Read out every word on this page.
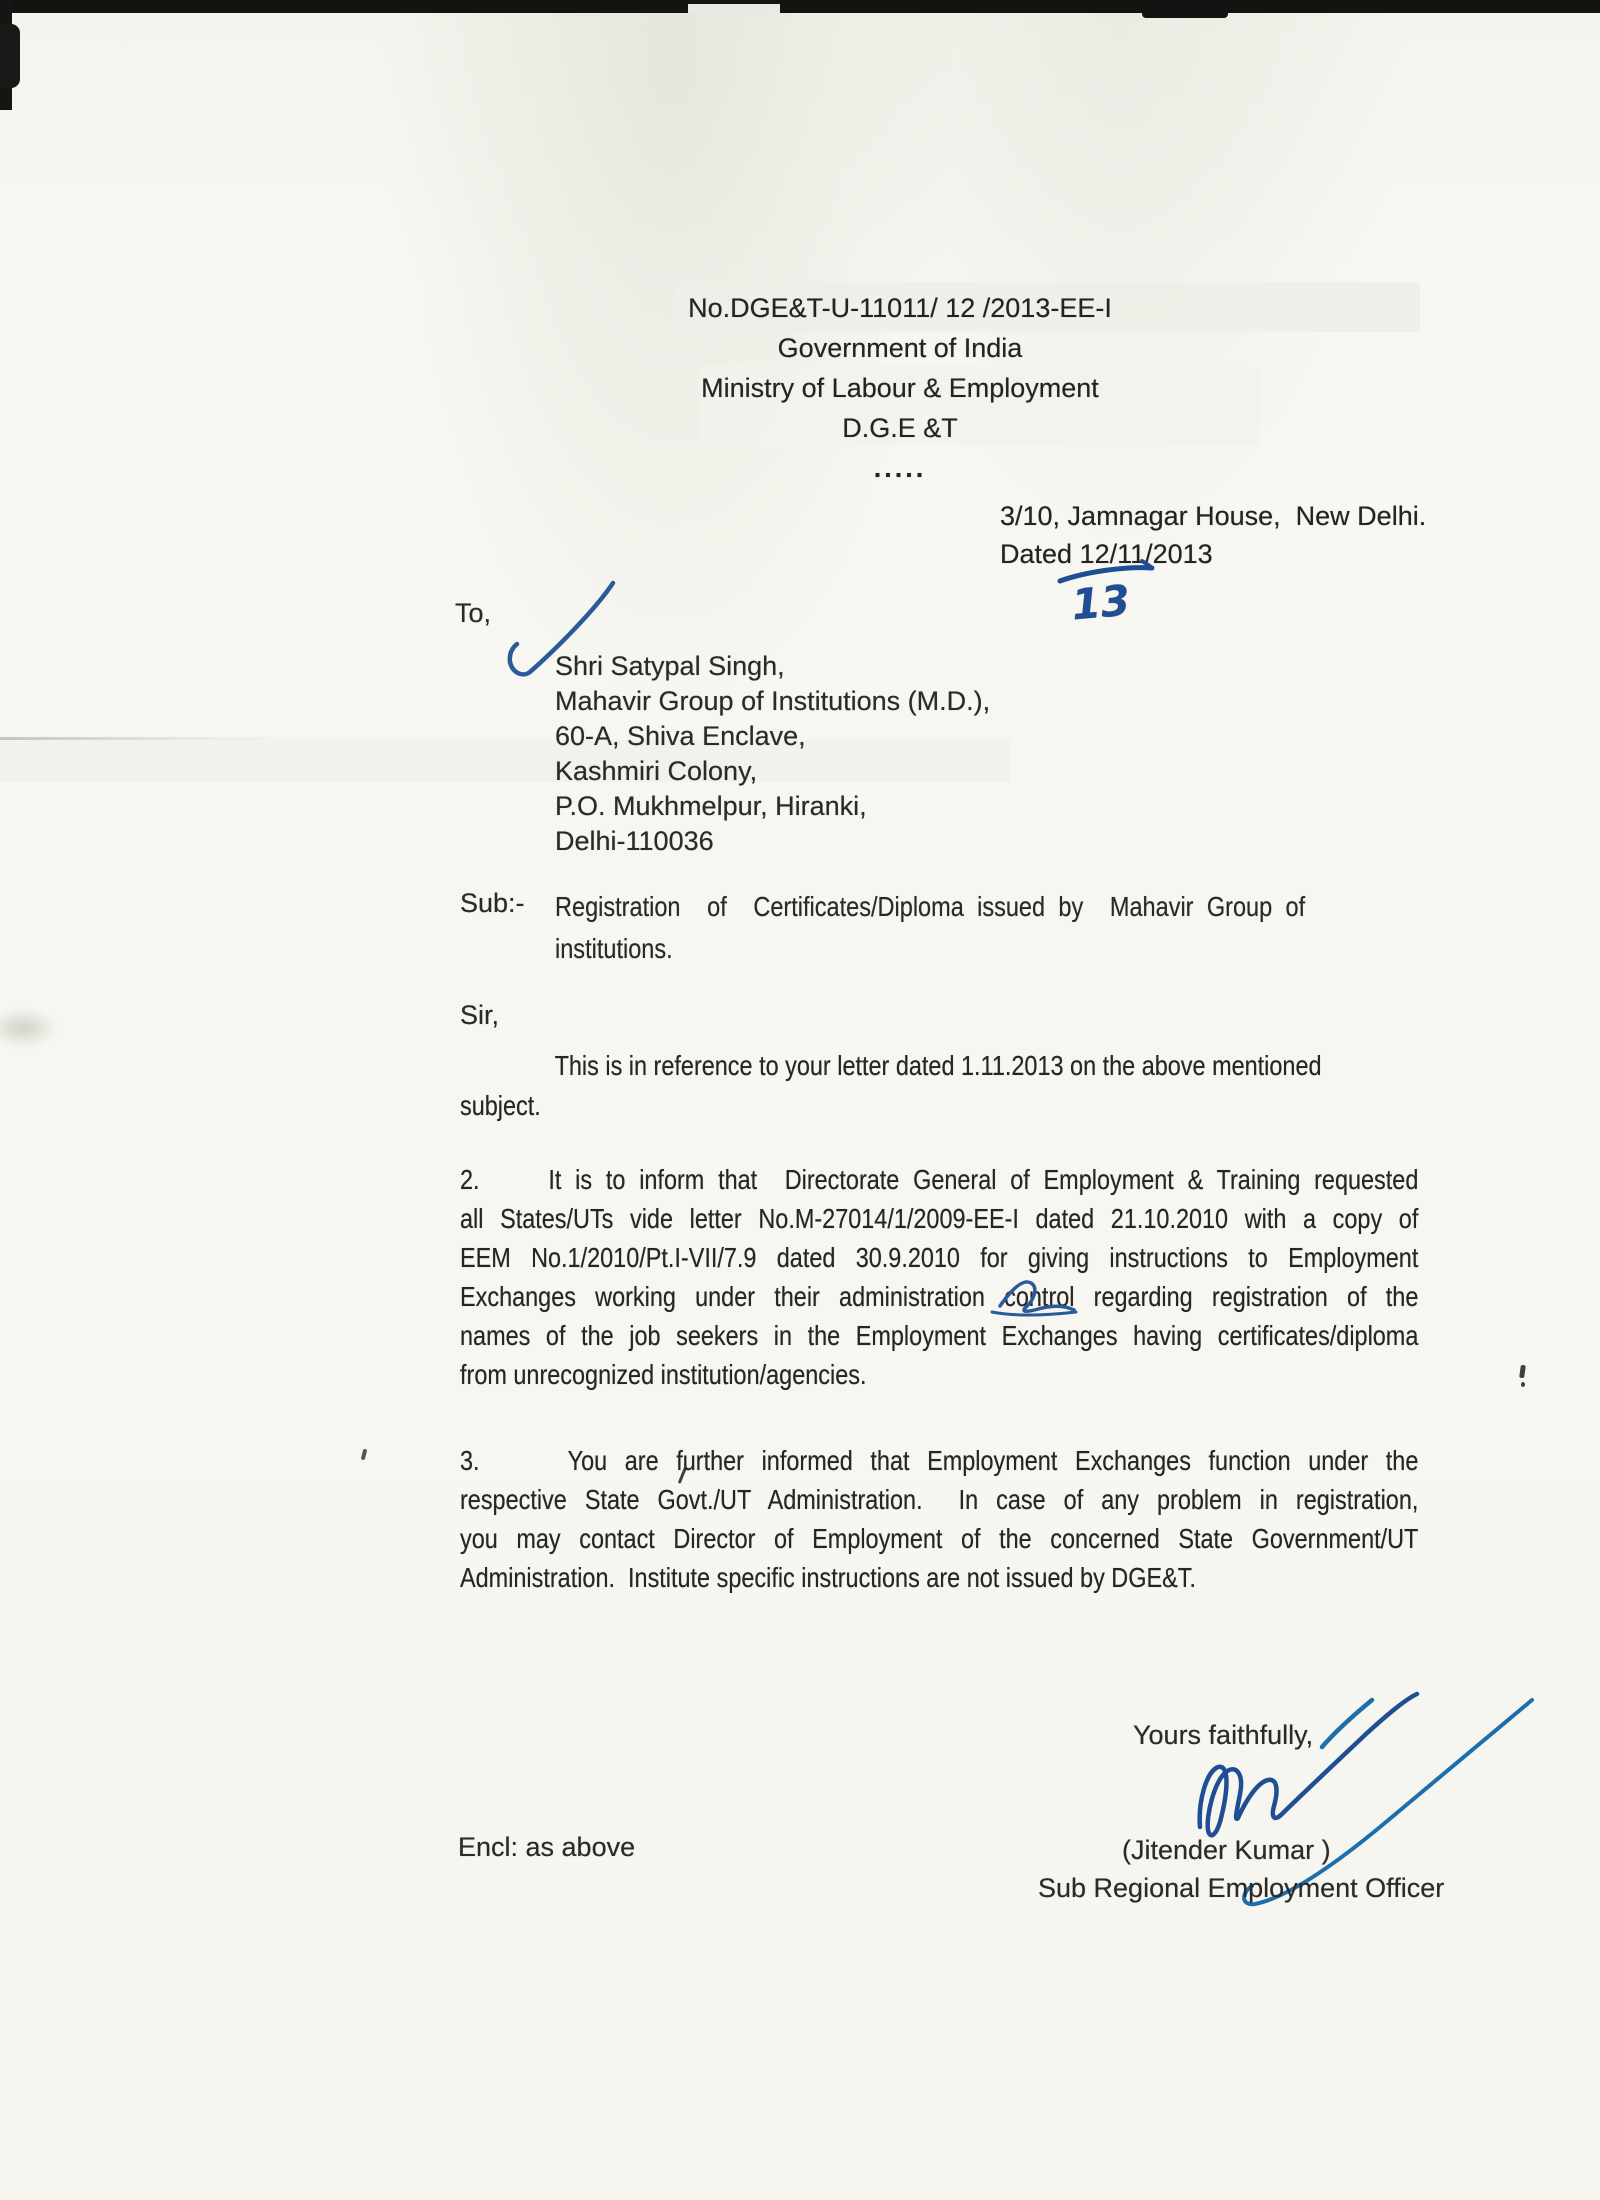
No.DGE&T-U-11011/ 12 /2013-EE-I
Government of India
Ministry of Labour & Employment
D.G.E &T
.....
3/10, Jamnagar House,  New Delhi.
Dated 12/11/2013
13
To,
Shri Satypal Singh,
Mahavir Group of Institutions (M.D.),
60-A, Shiva Enclave,
Kashmiri Colony,
P.O. Mukhmelpur, Hiranki,
Delhi-110036
Sub:- Registration  of  Certificates/Diploma issued by  Mahavir Group of
institutions.
Sir,
This is in reference to your letter dated 1.11.2013 on the above mentioned
subject.
2.     It is to inform that  Directorate General of Employment & Training requested
all States/UTs vide letter No.M-27014/1/2009-EE-I dated 21.10.2010 with a copy of
EEM No.1/2010/Pt.I-VII/7.9 dated 30.9.2010 for giving instructions to Employment
Exchanges working under their administration control regarding registration of the
names of the job seekers in the Employment Exchanges having certificates/diploma
from unrecognized institution/agencies.
3.     You are further informed that Employment Exchanges function under the
respective State Govt./UT Administration.  In case of any problem in registration,
you may contact Director of Employment of the concerned State Government/UT
Administration.  Institute specific instructions are not issued by DGE&T.
Yours faithfully,
(Jitender Kumar )
Sub Regional Employment Officer
Encl: as above
